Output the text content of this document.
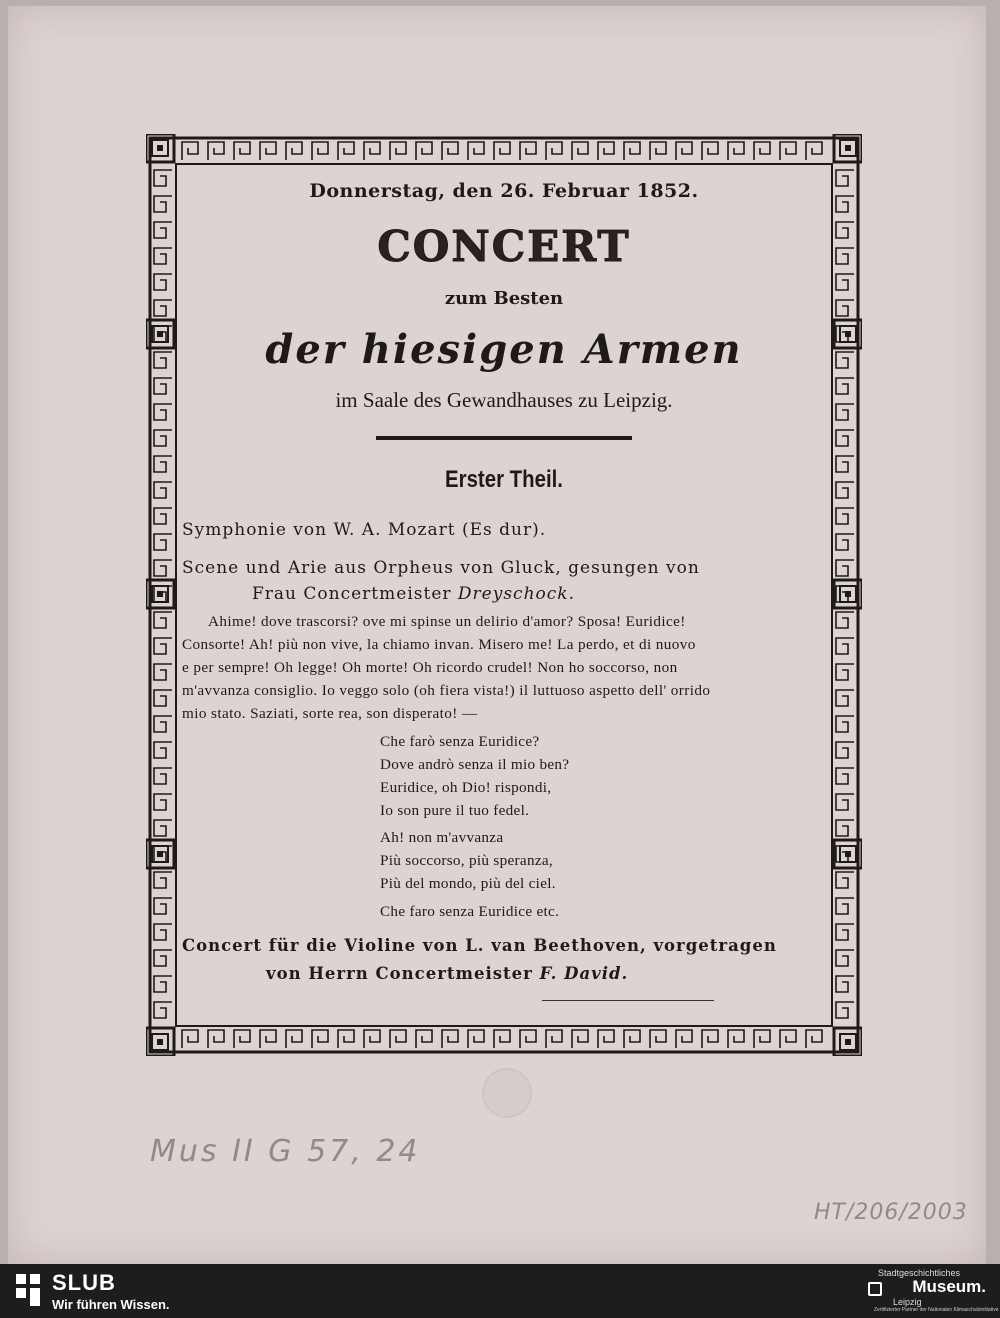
Donnerstag, den 26. Februar 1852.
CONCERT
zum Besten
der hiesigen Armen
im Saale des Gewandhauses zu Leipzig.
Erster Theil.
Symphonie von W. A. Mozart (Es dur).
Scene und Arie aus Orpheus von Gluck, gesungen von
Frau Concertmeister Dreyschock.
Ahime! dove trascorsi? ove mi spinse un delirio d'amor? Sposa! Euridice!
Consorte! Ah! più non vive, la chiamo invan. Misero me! La perdo, et di nuovo
e per sempre! Oh legge! Oh morte! Oh ricordo crudel! Non ho soccorso, non
m'avvanza consiglio. Io veggo solo (oh fiera vista!) il luttuoso aspetto dell' orrido
mio stato. Saziati, sorte rea, son disperato! —
Che farò senza Euridice?
Dove andrò senza il mio ben?
Euridice, oh Dio! rispondi,
Io son pure il tuo fedel.
Ah! non m'avvanza
Più soccorso, più speranza,
Più del mondo, più del ciel.
Che faro senza Euridice etc.
Concert für die Violine von L. van Beethoven, vorgetragen
von Herrn Concertmeister F. David.
Mus II G 57, 24
HT/206/2003
SLUB
Wir führen Wissen.
Stadtgeschichtliches
Museum.
Leipzig
Zertifizierter Partner der Nationalen Klimaschutzinitiative
